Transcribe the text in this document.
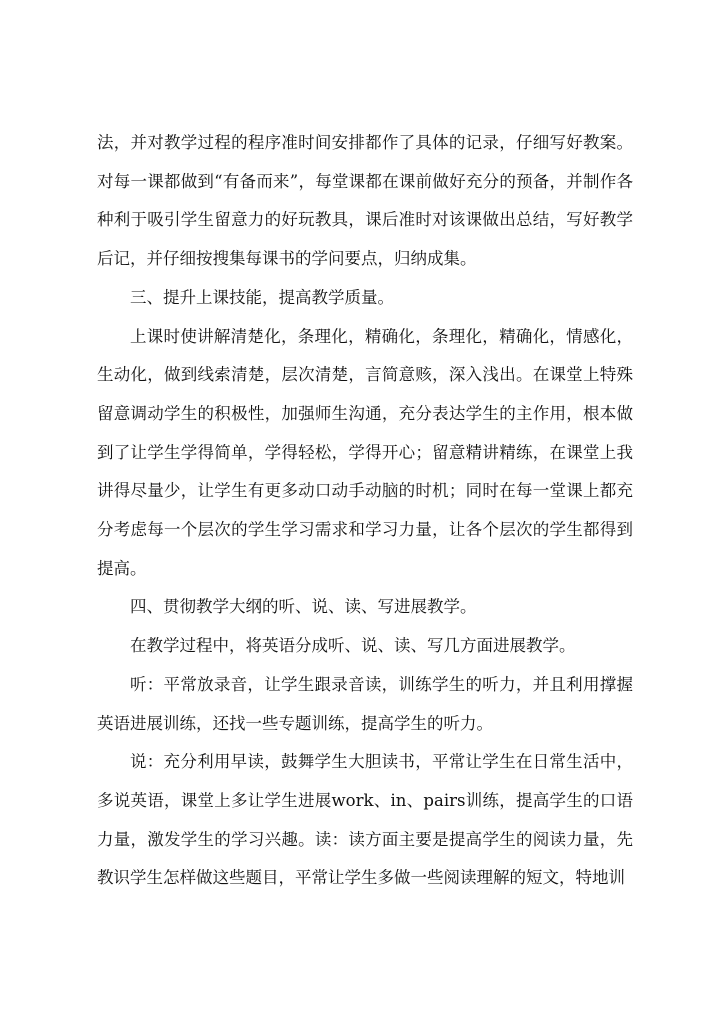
法，并对教学过程的程序准时间安排都作了具体的记录，仔细写好教案。对每一课都做到“有备而来”，每堂课都在课前做好充分的预备，并制作各种利于吸引学生留意力的好玩教具，课后准时对该课做出总结，写好教学后记，并仔细按搜集每课书的学问要点，归纳成集。

三、提升上课技能，提高教学质量。

上课时使讲解清楚化，条理化，精确化，条理化，精确化，情感化，生动化，做到线索清楚，层次清楚，言简意赅，深入浅出。在课堂上特殊留意调动学生的积极性，加强师生沟通，充分表达学生的主作用，根本做到了让学生学得简单，学得轻松，学得开心；留意精讲精练，在课堂上我讲得尽量少，让学生有更多动口动手动脑的时机；同时在每一堂课上都充分考虑每一个层次的学生学习需求和学习力量，让各个层次的学生都得到提高。

四、贯彻教学大纲的听、说、读、写进展教学。

在教学过程中，将英语分成听、说、读、写几方面进展教学。

听：平常放录音，让学生跟录音读，训练学生的听力，并且利用撑握英语进展训练，还找一些专题训练，提高学生的听力。

说：充分利用早读，鼓舞学生大胆读书，平常让学生在日常生活中，多说英语，课堂上多让学生进展work、in、pairs训练，提高学生的口语力量，激发学生的学习兴趣。读：读方面主要是提高学生的阅读力量，先教识学生怎样做这些题目，平常让学生多做一些阅读理解的短文，特地训
